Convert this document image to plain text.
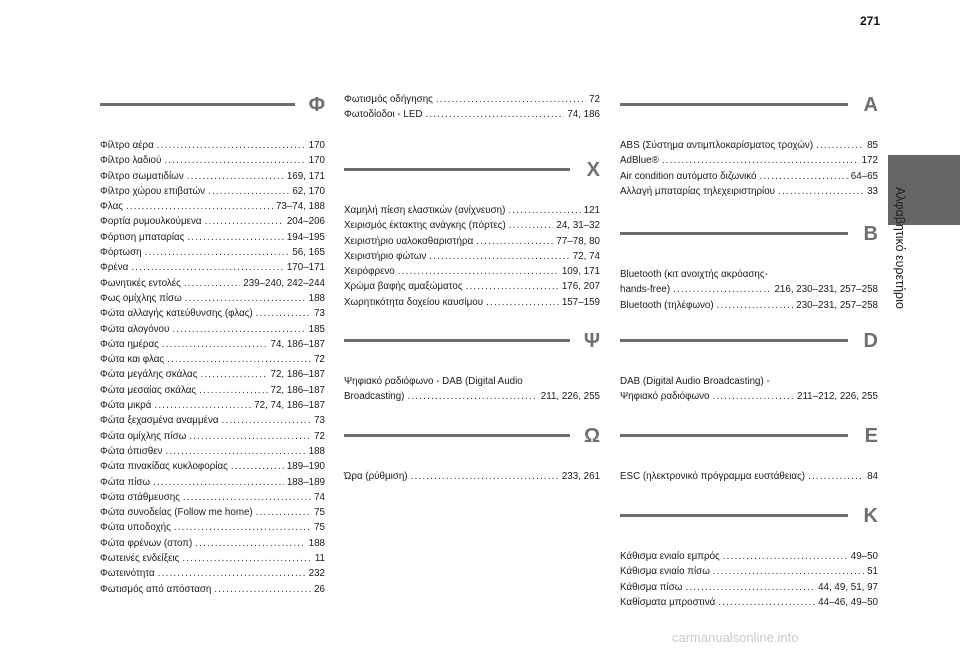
271
Αλφαβητικό ευρετήριο
Φ
Φίλτρο αέρα .....	170
Φίλτρο λαδιού .....	170
Φίλτρο σωματιδίων .....	169, 171
Φίλτρο χώρου επιβατών .....	62, 170
Φλας .....	73–74, 188
Φορτία ρυμουλκούμενα .....	204–206
Φόρτιση μπαταρίας .....	194–195
Φόρτωση .....	56, 165
Φρένα .....	170–171
Φωνητικές εντολές .....	239–240, 242–244
Φως ομίχλης πίσω .....	188
Φώτα αλλαγής κατεύθυνσης (φλας) .....	73
Φώτα αλογόνου .....	185
Φώτα ημέρας .....	74, 186–187
Φώτα και φλας .....	72
Φώτα μεγάλης σκάλας .....	72, 186–187
Φώτα μεσαίας σκάλας .....	72, 186–187
Φώτα μικρά .....	72, 74, 186–187
Φώτα ξεχασμένα αναμμένα .....	73
Φώτα ομίχλης πίσω .....	72
Φώτα όπισθεν .....	188
Φώτα πινακίδας κυκλοφορίας .....	189–190
Φώτα πίσω .....	188–189
Φώτα στάθμευσης .....	74
Φώτα συνοδείας (Follow me home) .....	75
Φώτα υποδοχής .....	75
Φώτα φρένων (στοπ) .....	188
Φωτεινές ενδείξεις .....	11
Φωτεινότητα .....	232
Φωτισμός από απόσταση .....	26
Φωτισμός οδήγησης .....	72
Φωτοδίοδοι - LED .....	74, 186
Χ
Χαμηλή πίεση ελαστικών (ανίχνευση) .....	121
Χειρισμός έκτακτης ανάγκης (πόρτες) .....	24, 31–32
Χειριστήριο υαλοκαθαριστήρα .....	77–78, 80
Χειριστήριο φώτων .....	72, 74
Χειρόφρενο .....	109, 171
Χρώμα βαφής αμαξώματος .....	176, 207
Χωρητικότητα δοχείου καυσίμου .....	157–159
Ψ
Ψηφιακό ραδιόφωνο - DAB (Digital Audio
Broadcasting) .....	211, 226, 255
Ω
Ώρα (ρύθμιση) .....	233, 261
A
ABS (Σύστημα αντιμπλοκαρίσματος τροχών) .....	85
AdBlue® .....	172
Air condition αυτόματο διζωνικό .....	64–65
Αλλαγή μπαταρίας τηλεχειριστηρίου .....	33
B
Bluetooth (κιτ ανοιχτής ακρόασης-
hands-free) .....	216, 230–231, 257–258
Bluetooth (τηλέφωνο) .....	230–231, 257–258
D
DAB (Digital Audio Broadcasting) -
Ψηφιακό ραδιόφωνο .....	211–212, 226, 255
E
ESC (ηλεκτρονικό πρόγραμμα ευστάθειας) .....	84
K
Κάθισμα ενιαίο εμπρός .....	49–50
Κάθισμα ενιαίο πίσω .....	51
Κάθισμα πίσω .....	44, 49, 51, 97
Καθίσματα μπροστινά .....	44–46, 49–50
carmanualsonline.info
